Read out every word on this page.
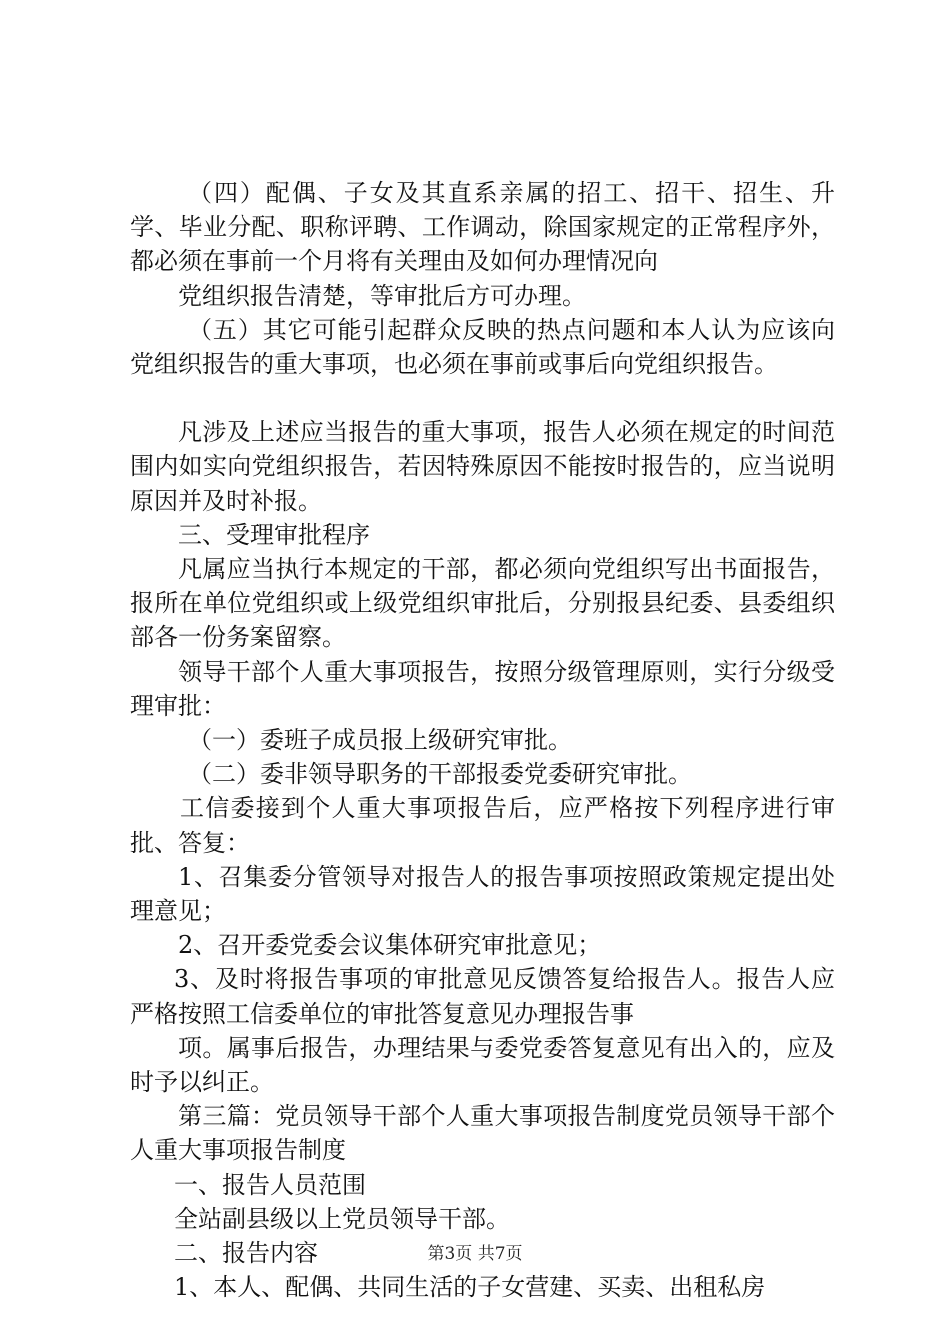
（四）配偶、子女及其直系亲属的招工、招干、招生、升学、毕业分配、职称评聘、工作调动，除国家规定的正常程序外，都必须在事前一个月将有关理由及如何办理情况向
党组织报告清楚，等审批后方可办理。
（五）其它可能引起群众反映的热点问题和本人认为应该向党组织报告的重大事项，也必须在事前或事后向党组织报告。
凡涉及上述应当报告的重大事项，报告人必须在规定的时间范围内如实向党组织报告，若因特殊原因不能按时报告的，应当说明原因并及时补报。
三、受理审批程序
凡属应当执行本规定的干部，都必须向党组织写出书面报告，报所在单位党组织或上级党组织审批后，分别报县纪委、县委组织部各一份务案留察。
领导干部个人重大事项报告，按照分级管理原则，实行分级受理审批：
（一）委班子成员报上级研究审批。
（二）委非领导职务的干部报委党委研究审批。
工信委接到个人重大事项报告后，应严格按下列程序进行审批、答复：
1、召集委分管领导对报告人的报告事项按照政策规定提出处理意见；
2、召开委党委会议集体研究审批意见；
3、及时将报告事项的审批意见反馈答复给报告人。报告人应严格按照工信委单位的审批答复意见办理报告事
项。属事后报告，办理结果与委党委答复意见有出入的，应及时予以纠正。
第三篇：党员领导干部个人重大事项报告制度党员领导干部个人重大事项报告制度
一、报告人员范围
全站副县级以上党员领导干部。
二、报告内容
1、本人、配偶、共同生活的子女营建、买卖、出租私房
第3页 共7页
